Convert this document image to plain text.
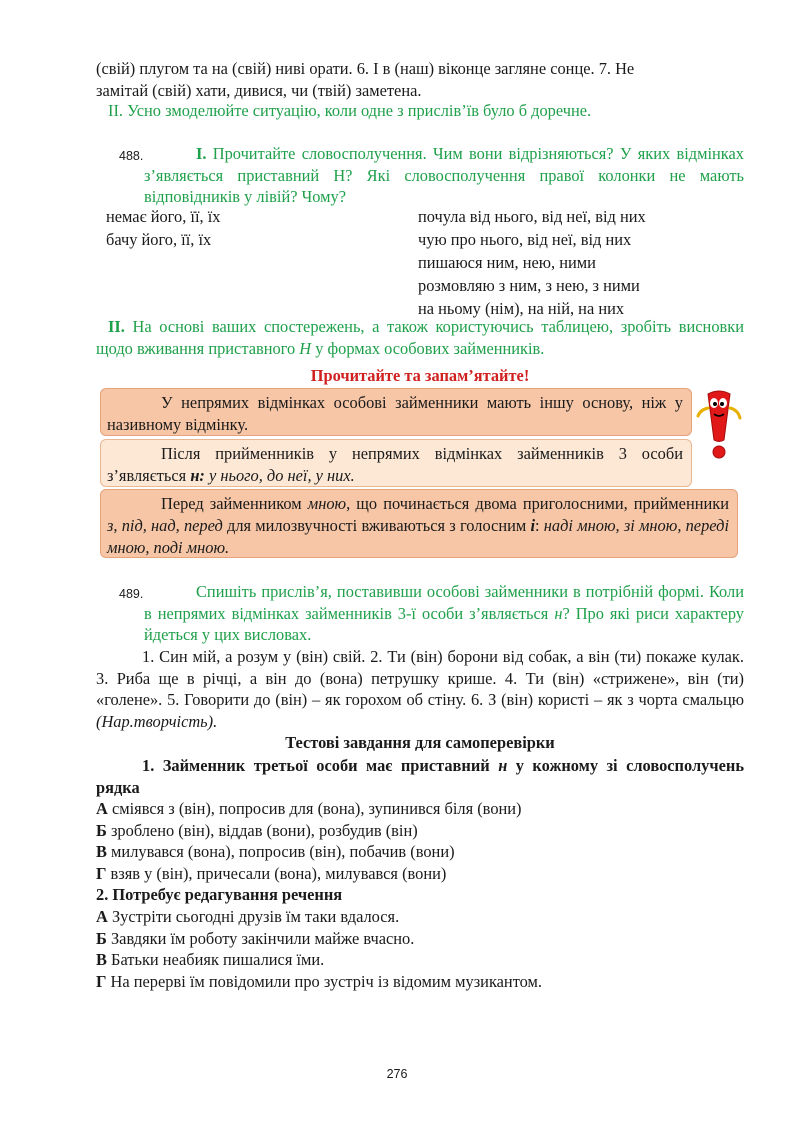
(свій) плугом та на (свій) ниві орати. 6. І в (наш) віконце загляне сонце. 7. Не
замітай (свій) хати, дивися, чи (твій) заметена.

ІІ. Усно змоделюйте ситуацію, коли одне з прислів’їв було б доречне.

488.	І. Прочитайте словосполучення. Чим вони відрізняються? У яких відмінках з’являється приставний Н? Які словосполучення правої колонки не мають відповідників у лівій? Чому?

немає його, її, їх
бачу його, її, їх
почула від нього, від неї, від них
чую про нього, від неї, від них
пишаюся ним, нею, ними
розмовляю з ним, з нею, з ними
на ньому (нім), на ній, на них

ІІ. На основі ваших спостережень, а також користуючись таблицею, зробіть висновки щодо вживання приставного Н у формах особових займенників.

Прочитайте та запам’ятайте!

У непрямих відмінках особові займенники мають іншу основу, ніж у називному відмінку.

Після прийменників у непрямих відмінках займенників 3 особи з’являється н: у нього, до неї, у них.

Перед займенником мною, що починається двома приголосними, прийменники з, під, над, перед для милозвучності вживаються з голосним і: наді мною, зі мною, переді мною, поді мною.

489.	Спишіть прислів’я, поставивши особові займенники в потрібній формі. Коли в непрямих відмінках займенників 3-ї особи з’являється н? Про які риси характеру йдеться у цих висловах.

1. Син мій, а розум у (він) свій. 2. Ти (він) борони від собак, а він (ти) покаже кулак. 3. Риба ще в річці, а він до (вона) петрушку кришe. 4. Ти (він) «стрижене», він (ти) «голене». 5. Говорити до (він) – як горохом об стіну. 6. З (він) користі – як з чорта смальцю (Нар.творчість).

Тестові завдання для самоперевірки

1. Займенник третьої особи має приставний н у кожному зі словосполучень рядка

А сміявся з (він), попросив для (вона), зупинився біля (вони)
Б зроблено (він), віддав (вони), розбудив (він)
В милувався (вона), попросив (він), побачив (вони)
Г взяв у (він), причесали (вона), милувався (вони)
2. Потребує редагування речення
А Зустріти сьогодні друзів їм таки вдалося.
Б Завдяки їм роботу закінчили майже вчасно.
В Батьки неабияк пишалися їми.
Г На перерві їм повідомили про зустріч із відомим музикантом.
276
